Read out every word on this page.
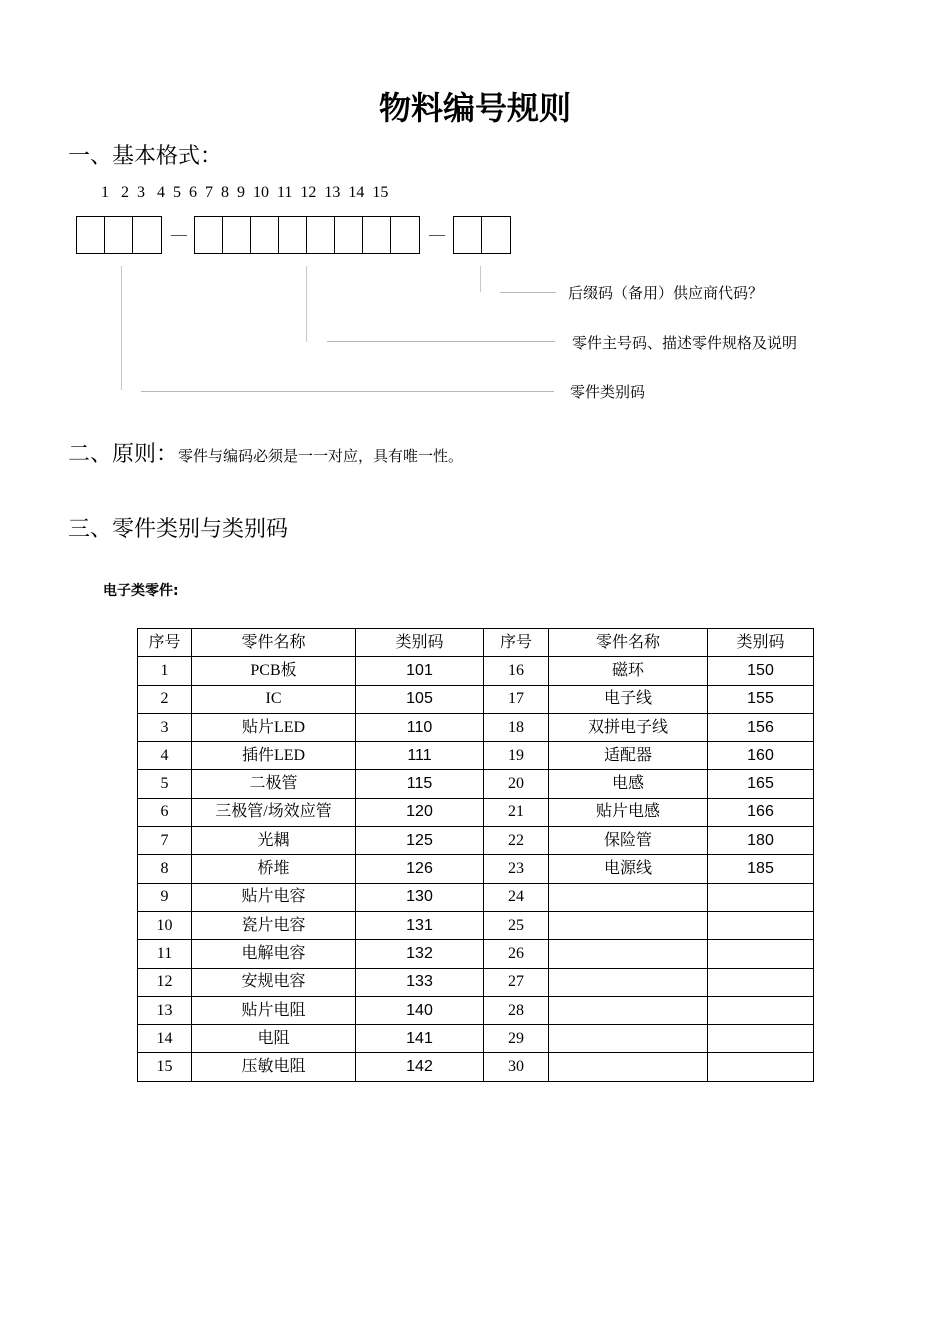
物料编号规则
一、基本格式：
1   2  3   4  5  6  7  8  9  10  11  12  13  14  15
后缀码（备用）供应商代码？
零件主号码、描述零件规格及说明
零件类别码
二、原则：零件与编码必须是一一对应，具有唯一性。
三、零件类别与类别码
电子类零件:
序号	零件名称	类别码	序号	零件名称	类别码
1	PCB板	101	16	磁环	150
2	IC	105	17	电子线	155
3	贴片LED	110	18	双拼电子线	156
4	插件LED	111	19	适配器	160
5	二极管	115	20	电感	165
6	三极管/场效应管	120	21	贴片电感	166
7	光耦	125	22	保险管	180
8	桥堆	126	23	电源线	185
9	贴片电容	130	24		
10	瓷片电容	131	25		
11	电解电容	132	26		
12	安规电容	133	27		
13	贴片电阻	140	28		
14	电阻	141	29		
15	压敏电阻	142	30		
